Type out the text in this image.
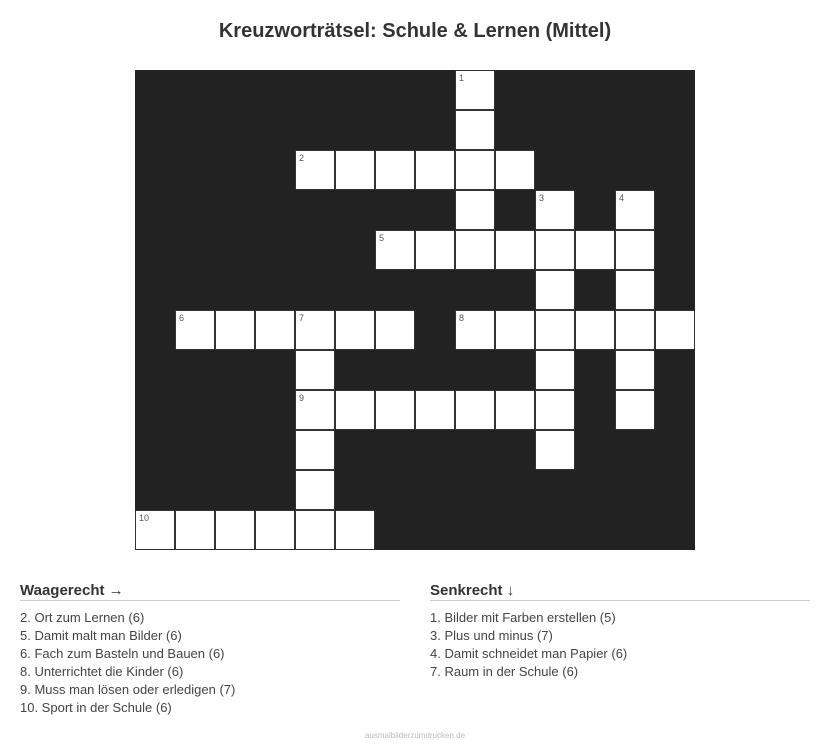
Kreuzworträtsel: Schule & Lernen (Mittel)
1
2
3	4
5
6	7	8
9
10
Waagerecht →
2. Ort zum Lernen (6)
5. Damit malt man Bilder (6)
6. Fach zum Basteln und Bauen (6)
8. Unterrichtet die Kinder (6)
9. Muss man lösen oder erledigen (7)
10. Sport in der Schule (6)
Senkrecht ↓
1. Bilder mit Farben erstellen (5)
3. Plus und minus (7)
4. Damit schneidet man Papier (6)
7. Raum in der Schule (6)
ausmalbilderzumdrucken.de
